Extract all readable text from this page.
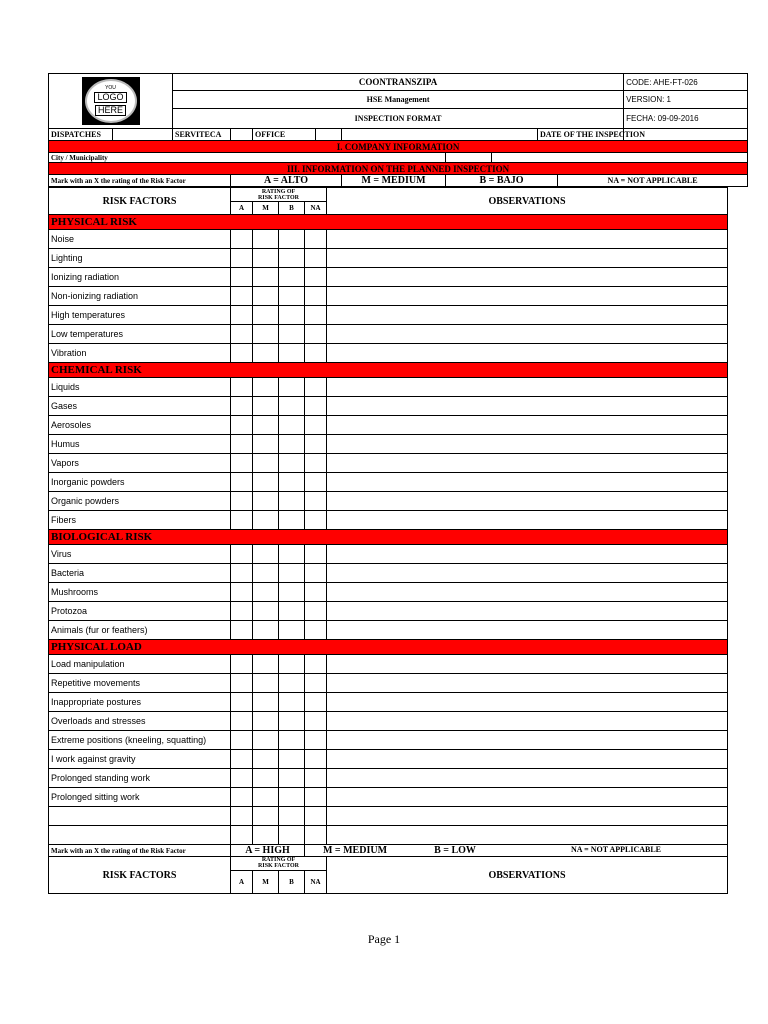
YOU
LOGO
HERE		COONTRANSZIPA									CODE: AHE-FT-026
		HSE Management									VERSION: 1
		INSPECTION FORMAT									FECHA: 09-09-2016
DISPATCHES		SERVITECA		OFFICE					DATE OF THE INSPECTION		
I. COMPANY INFORMATION											
City / Municipality											
III. INFORMATION ON THE PLANNED INSPECTION											
Mark with an X the rating of the Risk Factor			A = ALTO			M = MEDIUM	B = BAJO			NA = NOT APPLICABLE	
RISK FACTORS	RATING OF
RISK FACTOR				OBSERVATIONS
	A	M	B	NA	
PHYSICAL RISK					
Noise					
Lighting					
Ionizing radiation					
Non-ionizing radiation					
High temperatures					
Low temperatures					
Vibration					
CHEMICAL RISK					
Liquids					
Gases					
Aerosoles					
Humus					
Vapors					
Inorganic powders					
Organic powders					
Fibers					
BIOLOGICAL RISK					
Virus					
Bacteria					
Mushrooms					
Protozoa					
Animals (fur or feathers)					
PHYSICAL LOAD					
Load manipulation					
Repetitive movements					
Inappropriate postures					
Overloads and stresses					
Extreme positions (kneeling, squatting)					
I work against gravity					
Prolonged standing work					
Prolonged sitting work					

Mark with an X the rating of the Risk Factor	A = HIGH			M = MEDIUM B = LOW NA = NOT APPLICABLE	

RISK FACTORS	RATING OF
RISK FACTOR				OBSERVATIONS
	A	M	B	NA	
Page 1
